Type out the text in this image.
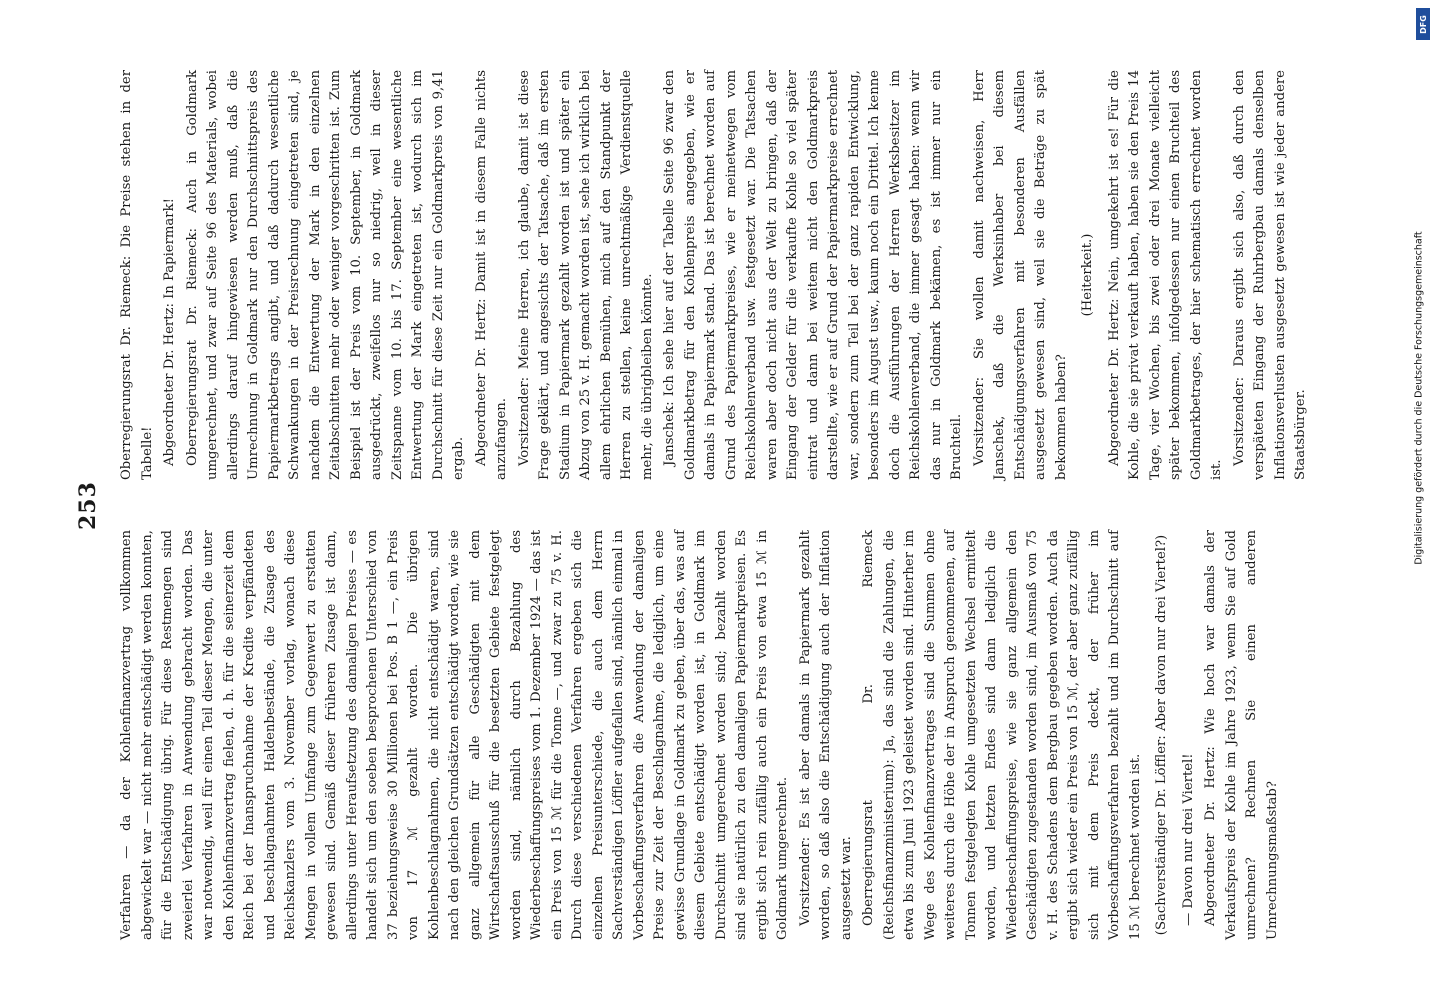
253

Verfahren — da der Kohlenfinanzvertrag vollkommen abgewickelt war — nicht mehr entschädigt werden konnten, für die Entschädigung übrig. Für diese Restmengen sind zweierlei Verfahren in Anwendung gebracht worden. Das war notwendig, weil für einen Teil dieser Mengen, die unter den Kohlenfinanzvertrag fielen, d. h. für die seinerzeit dem Reich bei der Inanspruchnahme der Kredite verpfändeten und beschlagnahmten Haldenbestände, die Zusage des Reichskanzlers vom 3. November vorlag, wonach diese Mengen in vollem Umfange zum Gegenwert zu erstatten gewesen sind. Gemäß dieser früheren Zusage ist dann, allerdings unter Heraufsetzung des damaligen Preises — es handelt sich um den soeben besprochenen Unterschied von 37 beziehungsweise 30 Millionen bei Pos. B 1 —, ein Preis von 17 ℳ gezahlt worden. Die übrigen Kohlenbeschlagnahmen, die nicht entschädigt waren, sind nach den gleichen Grundsätzen entschädigt worden, wie sie ganz allgemein für alle Geschädigten mit dem Wirtschaftsausschuß für die besetzten Gebiete festgelegt worden sind, nämlich durch Bezahlung des Wiederbeschaffungspreises vom 1. Dezember 1924 — das ist ein Preis von 15 ℳ für die Tonne —, und zwar zu 75 v. H. Durch diese verschiedenen Verfahren ergeben sich die einzelnen Preisunterschiede, die auch dem Herrn Sachverständigen Löffler aufgefallen sind, nämlich einmal in Vorbeschaffungsverfahren die Anwendung der damaligen Preise zur Zeit der Beschlagnahme, die lediglich, um eine gewisse Grundlage in Goldmark zu geben, über das, was auf diesem Gebiete entschädigt worden ist, in Goldmark im Durchschnitt umgerechnet worden sind; bezahlt worden sind sie natürlich zu den damaligen Papiermarkpreisen. Es ergibt sich rein zufällig auch ein Preis von etwa 15 ℳ in Goldmark umgerechnet. Vorsitzender: Es ist aber damals in Papiermark gezahlt worden, so daß also die Entschädigung auch der Inflation ausgesetzt war. Oberregierungsrat Dr. Riemeck (Reichsfinanzministerium): Ja, das sind die Zahlungen, die etwa bis zum Juni 1923 geleistet worden sind. Hinterher im Wege des Kohlenfinanzvertrages sind die Summen ohne weiteres durch die Höhe der in Anspruch genommenen, auf Tonnen festgelegten Kohle umgesetzten Wechsel ermittelt worden, und letzten Endes sind dann lediglich die Wiederbeschaffungspreise, wie sie ganz allgemein den Geschädigten zugestanden worden sind, im Ausmaß von 75 v. H. des Schadens dem Bergbau gegeben worden. Auch da ergibt sich wieder ein Preis von 15 ℳ, der aber ganz zufällig sich mit dem Preis deckt, der früher im Vorbeschaffungsverfahren bezahlt und im Durchschnitt auf 15 ℳ berechnet worden ist. (Sachverständiger Dr. Löffler: Aber davon nur drei Viertel?) — Davon nur drei Viertel! Abgeordneter Dr. Hertz: Wie hoch war damals der Verkaufspreis der Kohle im Jahre 1923, wenn Sie auf Gold umrechnen? Rechnen Sie einen anderen Umrechnungsmaßstab?

Oberregierungsrat Dr. Riemeck: Die Preise stehen in der Tabelle! Abgeordneter Dr. Hertz: In Papiermark! Oberregierungsrat Dr. Riemeck: Auch in Goldmark umgerechnet, und zwar auf Seite 96 des Materials, wobei allerdings darauf hingewiesen werden muß, daß die Umrechnung in Goldmark nur den Durchschnittspreis des Papiermarkbetrags angibt, und daß dadurch wesentliche Schwankungen in der Preisrechnung eingetreten sind, je nachdem die Entwertung der Mark in den einzelnen Zeitabschnitten mehr oder weniger vorgeschritten ist. Zum Beispiel ist der Preis vom 10. September, in Goldmark ausgedrückt, zweifellos nur so niedrig, weil in dieser Zeitspanne vom 10. bis 17. September eine wesentliche Entwertung der Mark eingetreten ist, wodurch sich im Durchschnitt für diese Zeit nur ein Goldmarkpreis von 9,41 ergab. Abgeordneter Dr. Hertz: Damit ist in diesem Falle nichts anzufangen. Vorsitzender: Meine Herren, ich glaube, damit ist diese Frage geklärt, und angesichts der Tatsache, daß im ersten Stadium in Papiermark gezahlt worden ist und später ein Abzug von 25 v. H. gemacht worden ist, sehe ich wirklich bei allem ehrlichen Bemühen, mich auf den Standpunkt der Herren zu stellen, keine unrechtmäßige Verdienstquelle mehr, die übrigbleiben könnte. Janschek: Ich sehe hier auf der Tabelle Seite 96 zwar den Goldmarkbetrag für den Kohlenpreis angegeben, wie er damals in Papiermark stand. Das ist berechnet worden auf Grund des Papiermarkpreises, wie er meinetwegen vom Reichskohlenverband usw. festgesetzt war. Die Tatsachen waren aber doch nicht aus der Welt zu bringen, daß der Eingang der Gelder für die verkaufte Kohle so viel später eintrat und dann bei weitem nicht den Goldmarkpreis darstellte, wie er auf Grund der Papiermarkpreise errechnet war, sondern zum Teil bei der ganz rapiden Entwicklung, besonders im August usw., kaum noch ein Drittel. Ich kenne doch die Ausführungen der Herren Werksbesitzer im Reichskohlenverband, die immer gesagt haben: wenn wir das nur in Goldmark bekämen, es ist immer nur ein Bruchteil. Vorsitzender: Sie wollen damit nachweisen, Herr Janschek, daß die Werksinhaber bei diesem Entschädigungsverfahren mit besonderen Ausfällen ausgesetzt gewesen sind, weil sie die Beträge zu spät bekommen haben?

(Heiterkeit.) Abgeordneter Dr. Hertz: Nein, umgekehrt ist es! Für die Kohle, die sie privat verkauft haben, haben sie den Preis 14 Tage, vier Wochen, bis zwei oder drei Monate vielleicht später bekommen, infolgedessen nur einen Bruchteil des Goldmarkbetrages, der hier schematisch errechnet worden ist.

Vorsitzender: Daraus ergibt sich also, daß durch den verspäteten Eingang der Ruhrbergbau damals denselben Inflationsverlusten ausgesetzt gewesen ist wie jeder andere Staatsbürger.	Digitalisierung gefördert durch die Deutsche Forschungsgemeinschaft
DFG
